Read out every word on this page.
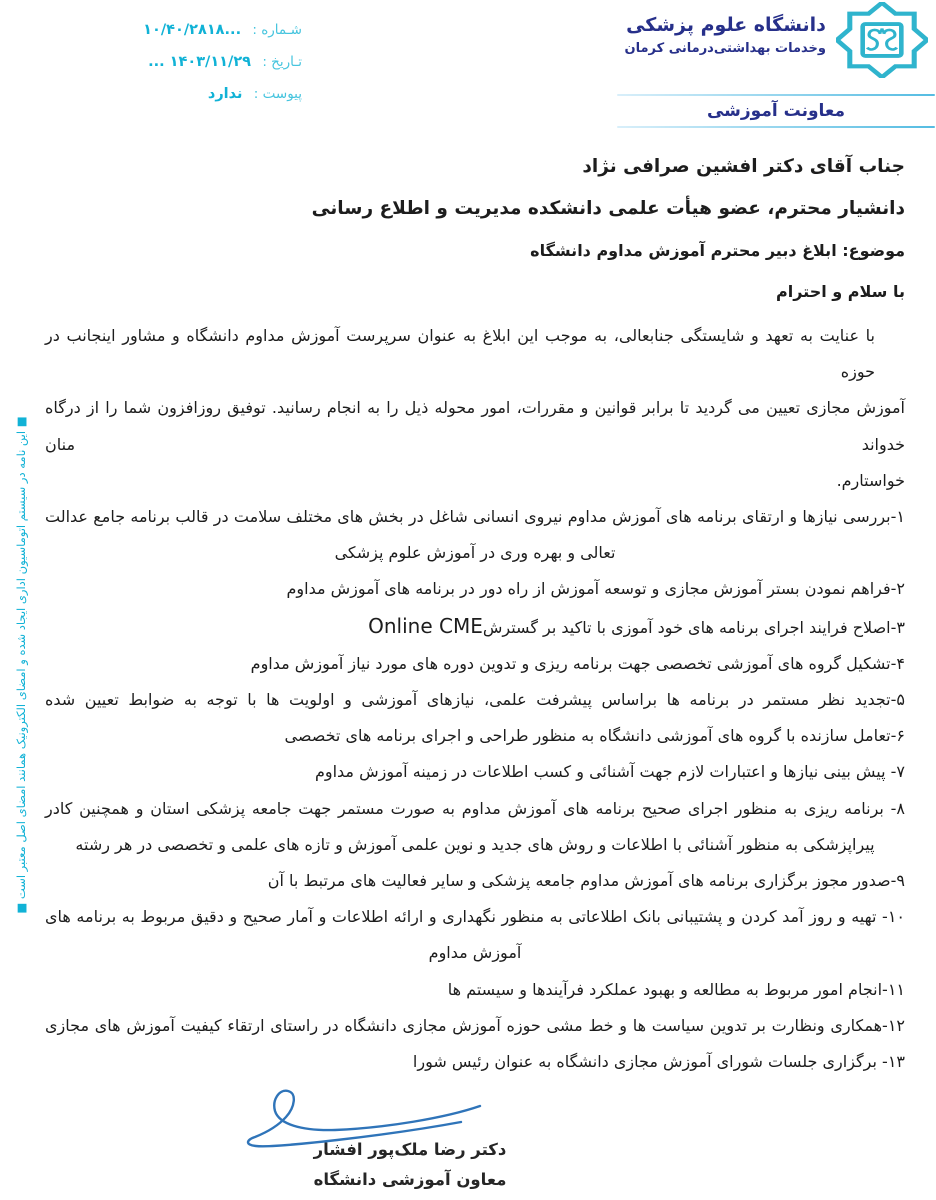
■ این نامه در سیستم اتوماسیون اداری ایجاد شده و امضای الکترونیک همانند امضای اصل معتبر است ■
دانشگاه علوم پزشکی
وخدمات بهداشتی‌درمانی کرمان
معاونت آموزشی
شـماره : ...۱۰/۴۰/۲۸۱۸
تـاریخ : ۱۴۰۳/۱۱/۲۹ ...
پیوست : ندارد
جناب آقای دکتر افشین صرافی نژاد
دانشیار محترم، عضو هیأت علمی دانشکده مدیریت و اطلاع رسانی
موضوع: ابلاغ دبیر محترم آموزش مداوم دانشگاه
با سلام و احترام
با عنایت به تعهد و شایستگی جنابعالی، به موجب این ابلاغ به عنوان سرپرست آموزش مداوم دانشگاه و مشاور اینجانب در حوزه
آموزش مجازی تعیین می گردید تا برابر قوانین و مقررات، امور محوله ذیل را به انجام رسانید. توفیق روزافزون شما را از درگاه خدواند منان
خواستارم.
۱-بررسی نیازها و ارتقای برنامه های آموزش مداوم نیروی انسانی شاغل در بخش های مختلف سلامت در قالب برنامه جامع عدالت
تعالی و بهره وری در آموزش علوم پزشکی
۲-فراهم نمودن بستر آموزش مجازی و توسعه آموزش از راه دور در برنامه های آموزش مداوم
۳-اصلاح فرایند اجرای برنامه های خود آموزی با تاکید بر گسترش Online CME
۴-تشکیل گروه های آموزشی تخصصی جهت برنامه ریزی و تدوین دوره های مورد نیاز آموزش مداوم
۵-تجدید نظر مستمر در برنامه ها براساس پیشرفت علمی، نیازهای آموزشی و اولویت ها با توجه به ضوابط تعیین شده
۶-تعامل سازنده با گروه های آموزشی دانشگاه به منظور طراحی و اجرای برنامه های تخصصی
۷- پیش بینی نیازها و اعتبارات لازم جهت آشنائی و کسب اطلاعات در زمینه آموزش مداوم
۸- برنامه ریزی به منظور اجرای صحیح برنامه های آموزش مداوم به صورت مستمر جهت جامعه پزشکی استان و همچنین کادر
پیراپزشکی به منظور آشنائی با اطلاعات و روش های جدید و نوین علمی آموزش و تازه های علمی و تخصصی در هر رشته
۹-صدور مجوز برگزاری برنامه های آموزش مداوم جامعه پزشکی و سایر فعالیت های مرتبط با آن
۱۰- تهیه و روز آمد کردن و پشتیبانی بانک اطلاعاتی به منظور نگهداری و ارائه اطلاعات و آمار صحیح و دقیق مربوط به برنامه های
آموزش مداوم
۱۱-انجام امور مربوط به مطالعه و بهبود عملکرد فرآیندها و سیستم ها
۱۲-همکاری ونظارت بر تدوین سیاست ها و خط مشی حوزه آموزش مجازی دانشگاه در راستای ارتقاء کیفیت آموزش های مجازی
۱۳- برگزاری جلسات شورای آموزش مجازی دانشگاه به عنوان رئیس شورا
دکتر رضا ملک‌پور افشار
معاون آموزشی دانشگاه
